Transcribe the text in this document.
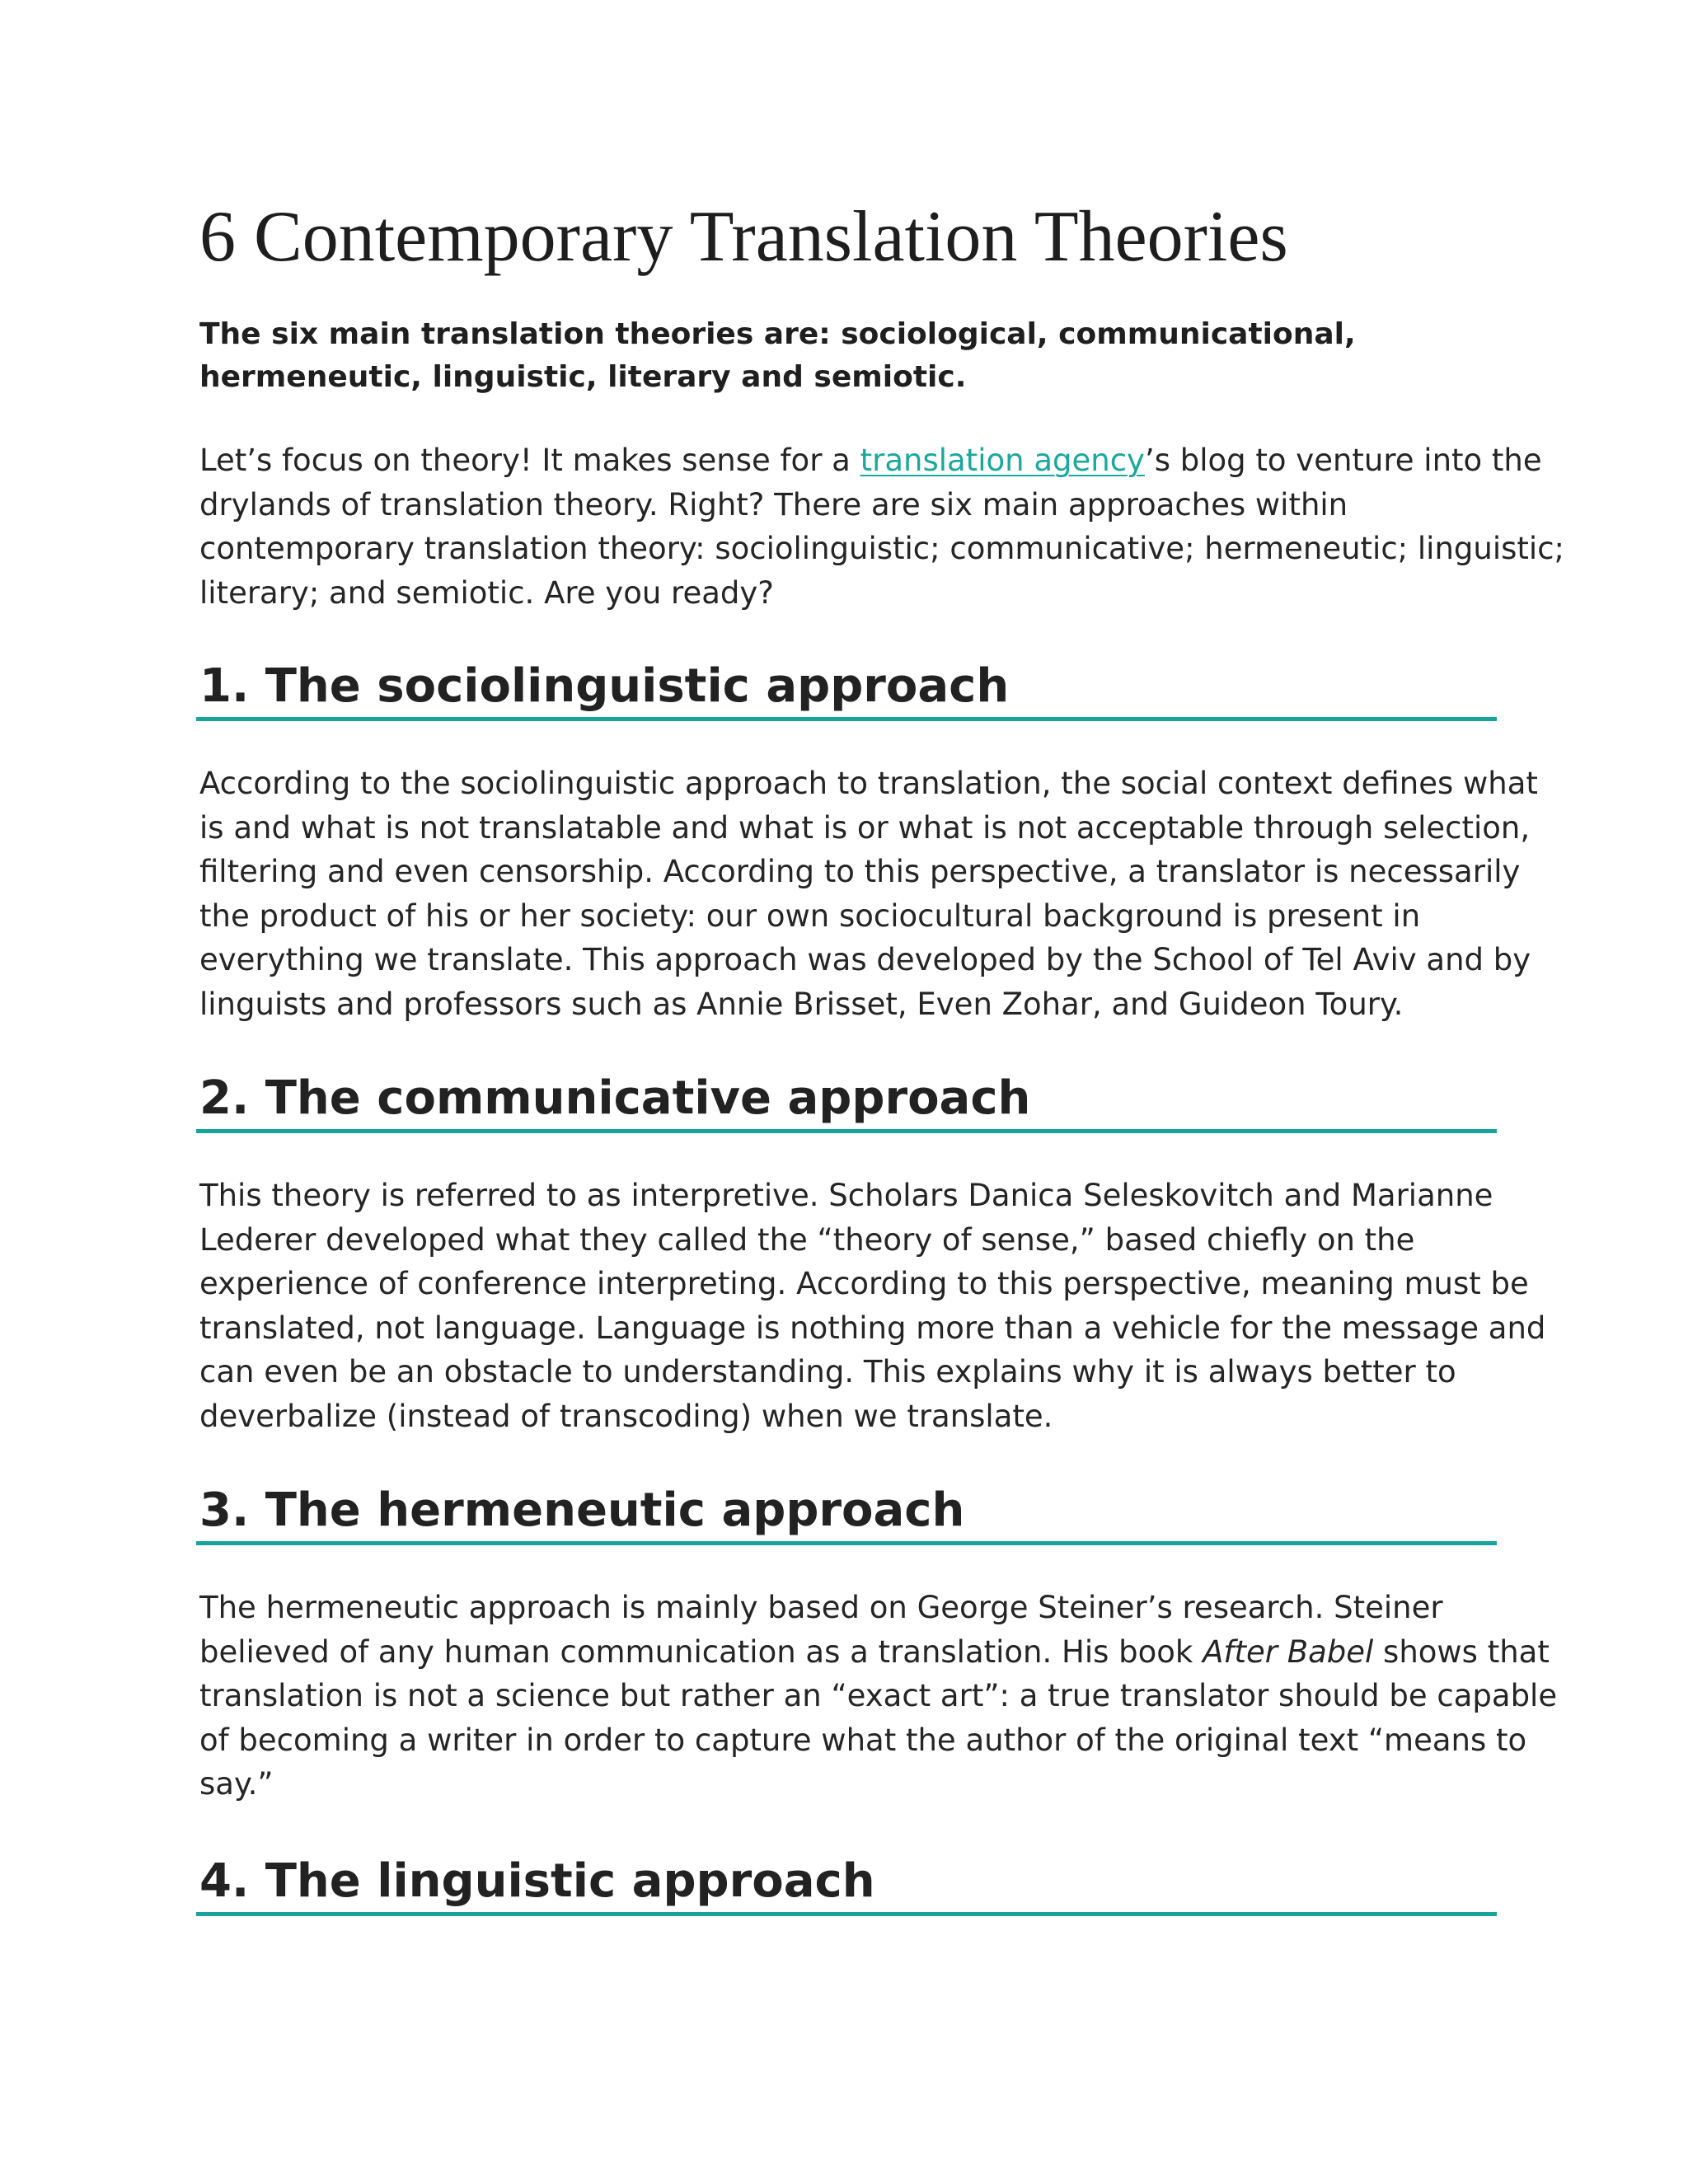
6 Contemporary Translation Theories

The six main translation theories are: sociological, communicational, hermeneutic, linguistic, literary and semiotic.

Let’s focus on theory! It makes sense for a translation agency’s blog to venture into the
drylands of translation theory. Right? There are six main approaches within
contemporary translation theory: sociolinguistic; communicative; hermeneutic; linguistic;
literary; and semiotic. Are you ready?

1. The sociolinguistic approach

According to the sociolinguistic approach to translation, the social context defines what
is and what is not translatable and what is or what is not acceptable through selection,
filtering and even censorship. According to this perspective, a translator is necessarily
the product of his or her society: our own sociocultural background is present in
everything we translate. This approach was developed by the School of Tel Aviv and by
linguists and professors such as Annie Brisset, Even Zohar, and Guideon Toury.

2. The communicative approach

This theory is referred to as interpretive. Scholars Danica Seleskovitch and Marianne
Lederer developed what they called the “theory of sense,” based chiefly on the
experience of conference interpreting. According to this perspective, meaning must be
translated, not language. Language is nothing more than a vehicle for the message and
can even be an obstacle to understanding. This explains why it is always better to
deverbalize (instead of transcoding) when we translate.

3. The hermeneutic approach

The hermeneutic approach is mainly based on George Steiner’s research. Steiner
believed of any human communication as a translation. His book After Babel shows that
translation is not a science but rather an “exact art”: a true translator should be capable
of becoming a writer in order to capture what the author of the original text “means to
say.”

4. The linguistic approach
